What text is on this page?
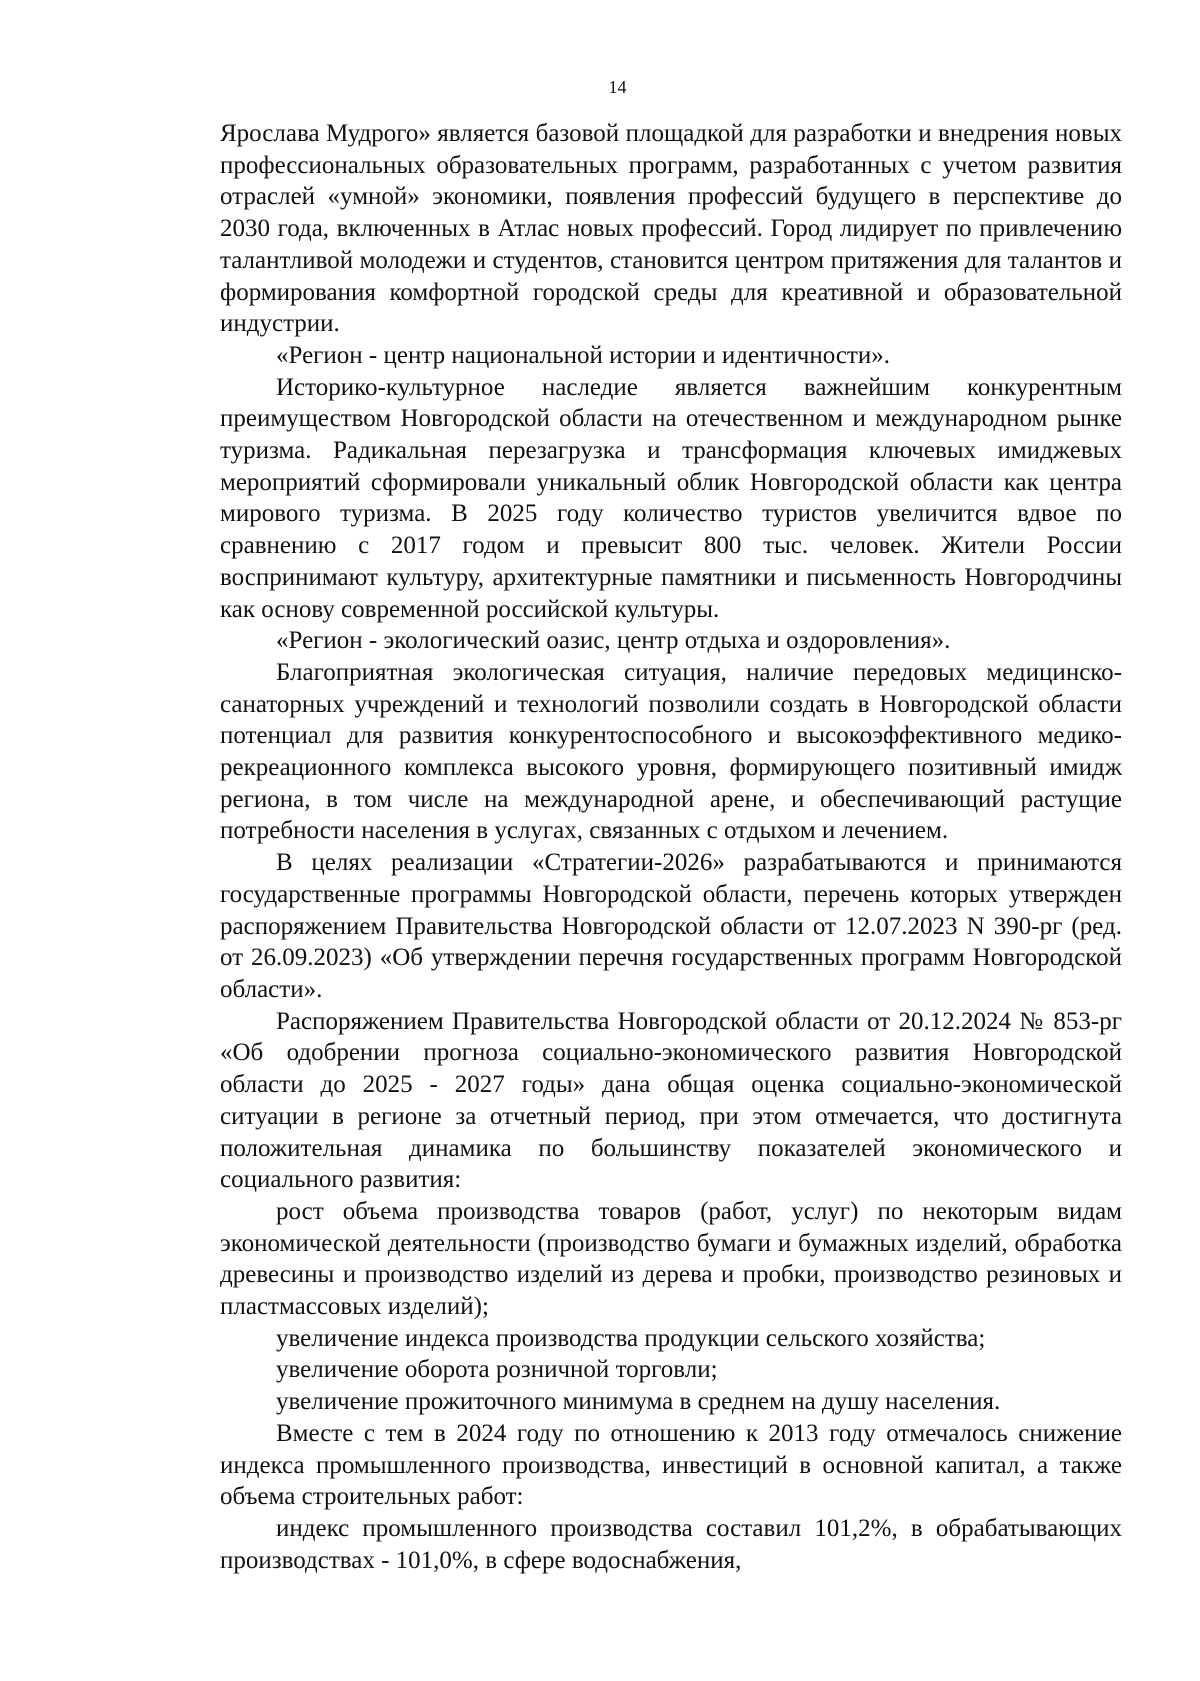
14

Ярослава Мудрого» является базовой площадкой для разработки и внедрения новых профессиональных образовательных программ, разработанных с учетом развития отраслей «умной» экономики, появления профессий будущего в перспективе до 2030 года, включенных в Атлас новых профессий. Город лидирует по привлечению талантливой молодежи и студентов, становится центром притяжения для талантов и формирования комфортной городской среды для креативной и образовательной индустрии.

«Регион - центр национальной истории и идентичности».

Историко-культурное наследие является важнейшим конкурентным преимуществом Новгородской области на отечественном и международном рынке туризма. Радикальная перезагрузка и трансформация ключевых имиджевых мероприятий сформировали уникальный облик Новгородской области как центра мирового туризма. В 2025 году количество туристов увеличится вдвое по сравнению с 2017 годом и превысит 800 тыс. человек. Жители России воспринимают культуру, архитектурные памятники и письменность Новгородчины как основу современной российской культуры.

«Регион - экологический оазис, центр отдыха и оздоровления».

Благоприятная экологическая ситуация, наличие передовых медицинско-санаторных учреждений и технологий позволили создать в Новгородской области потенциал для развития конкурентоспособного и высокоэффективного медико-рекреационного комплекса высокого уровня, формирующего позитивный имидж региона, в том числе на международной арене, и обеспечивающий растущие потребности населения в услугах, связанных с отдыхом и лечением.

В целях реализации «Стратегии-2026» разрабатываются и принимаются государственные программы Новгородской области, перечень которых утвержден распоряжением Правительства Новгородской области от 12.07.2023 N 390-рг (ред. от 26.09.2023) «Об утверждении перечня государственных программ Новгородской области».

Распоряжением Правительства Новгородской области от 20.12.2024 № 853-рг «Об одобрении прогноза социально-экономического развития Новгородской области до 2025 - 2027 годы» дана общая оценка социально-экономической ситуации в регионе за отчетный период, при этом отмечается, что достигнута положительная динамика по большинству показателей экономического и социального развития:

рост объема производства товаров (работ, услуг) по некоторым видам экономической деятельности (производство бумаги и бумажных изделий, обработка древесины и производство изделий из дерева и пробки, производство резиновых и пластмассовых изделий);

увеличение индекса производства продукции сельского хозяйства;

увеличение оборота розничной торговли;

увеличение прожиточного минимума в среднем на душу населения.

Вместе с тем в 2024 году по отношению к 2013 году отмечалось снижение индекса промышленного производства, инвестиций в основной капитал, а также объема строительных работ:

индекс промышленного производства составил 101,2%, в обрабатывающих производствах - 101,0%, в сфере водоснабжения,
